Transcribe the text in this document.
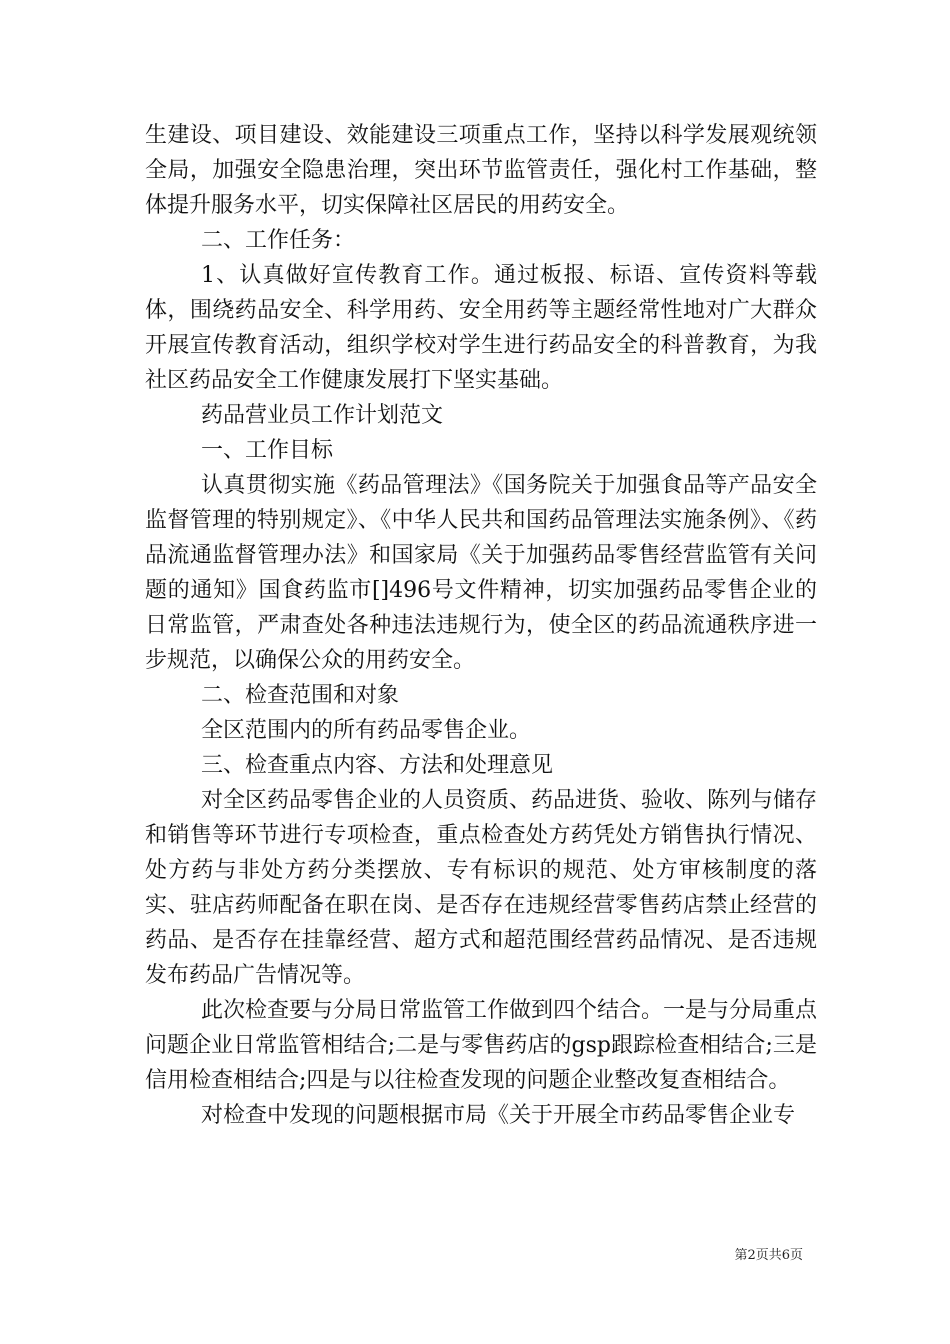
生建设、项目建设、效能建设三项重点工作，坚持以科学发展观统领全局，加强安全隐患治理，突出环节监管责任，强化村工作基础，整体提升服务水平，切实保障社区居民的用药安全。

二、工作任务：

1、认真做好宣传教育工作。通过板报、标语、宣传资料等载体，围绕药品安全、科学用药、安全用药等主题经常性地对广大群众开展宣传教育活动，组织学校对学生进行药品安全的科普教育，为我社区药品安全工作健康发展打下坚实基础。

药品营业员工作计划范文

一、工作目标

认真贯彻实施《药品管理法》《国务院关于加强食品等产品安全监督管理的特别规定》、《中华人民共和国药品管理法实施条例》、《药品流通监督管理办法》和国家局《关于加强药品零售经营监管有关问题的通知》国食药监市[]496号文件精神，切实加强药品零售企业的日常监管，严肃查处各种违法违规行为，使全区的药品流通秩序进一步规范，以确保公众的用药安全。

二、检查范围和对象

全区范围内的所有药品零售企业。

三、检查重点内容、方法和处理意见

对全区药品零售企业的人员资质、药品进货、验收、陈列与储存和销售等环节进行专项检查，重点检查处方药凭处方销售执行情况、处方药与非处方药分类摆放、专有标识的规范、处方审核制度的落实、驻店药师配备在职在岗、是否存在违规经营零售药店禁止经营的药品、是否存在挂靠经营、超方式和超范围经营药品情况、是否违规发布药品广告情况等。

此次检查要与分局日常监管工作做到四个结合。一是与分局重点问题企业日常监管相结合;二是与零售药店的gsp跟踪检查相结合;三是信用检查相结合;四是与以往检查发现的问题企业整改复查相结合。

对检查中发现的问题根据市局《关于开展全市药品零售企业专

第2页共6页
